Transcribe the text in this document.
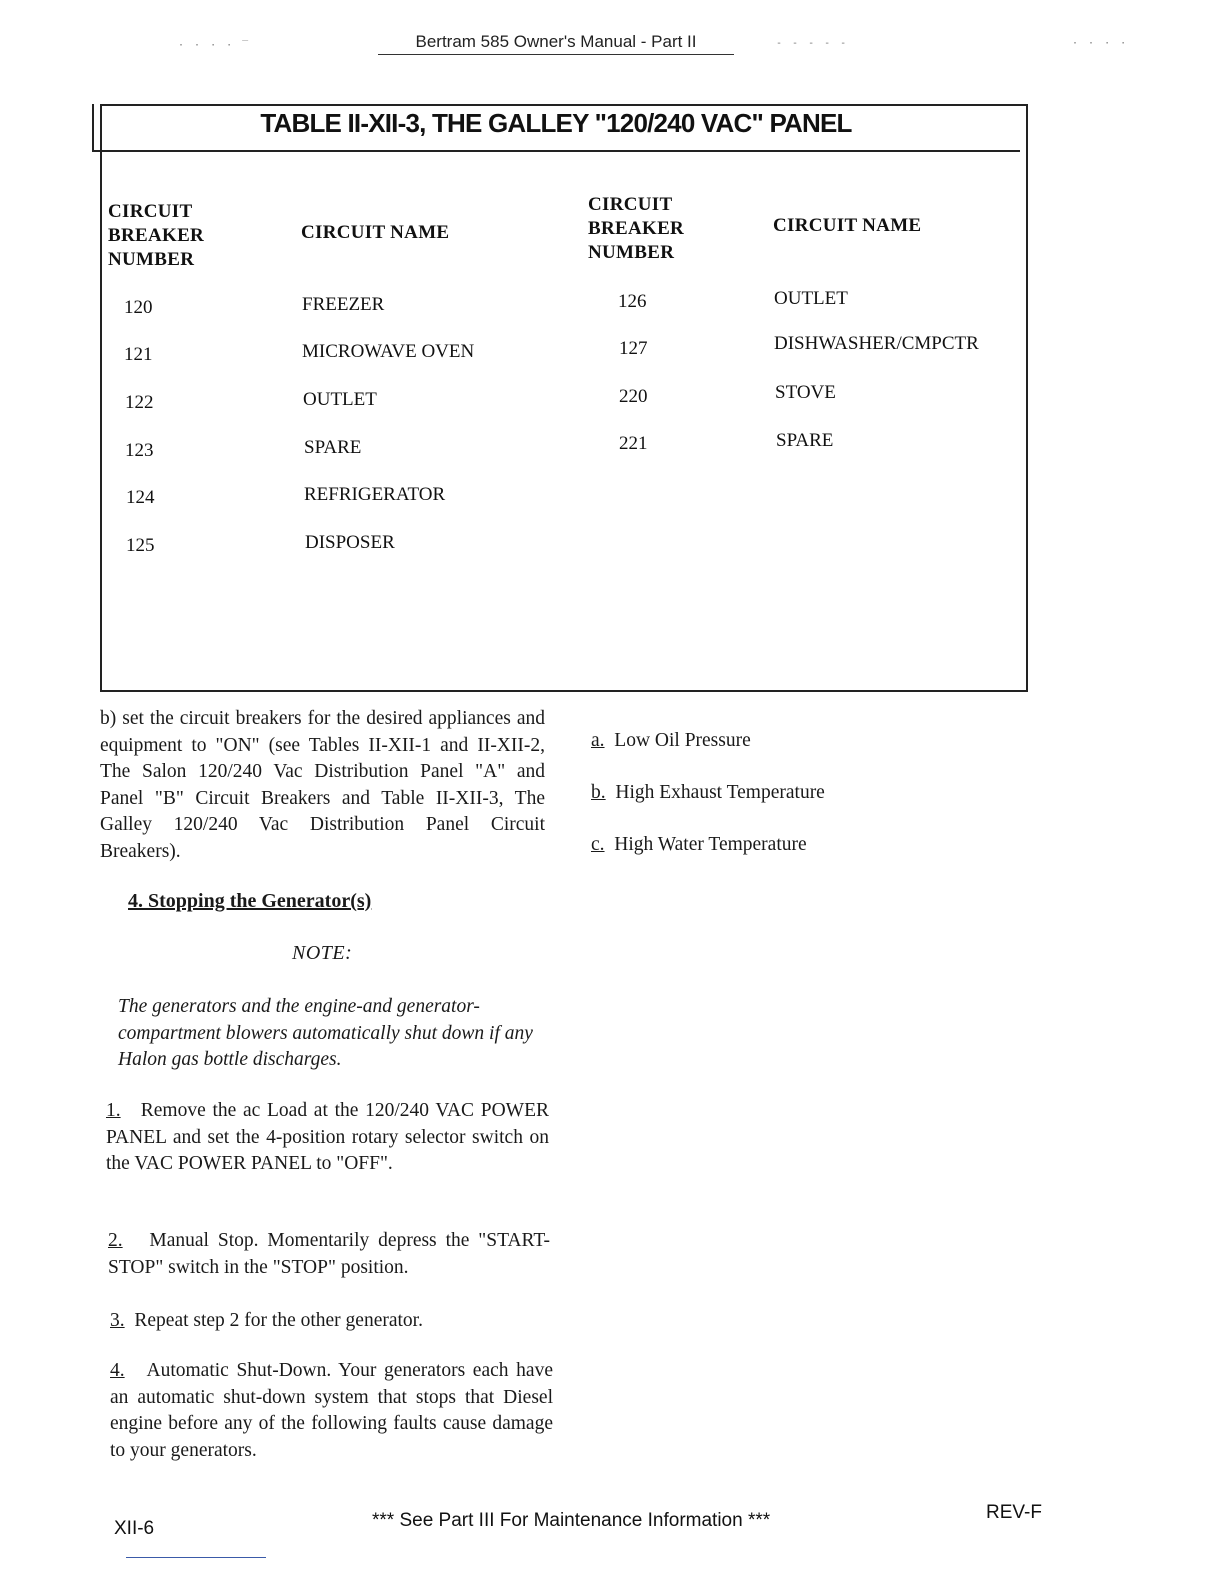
· · · · ‾	Bertram 585 Owner's Manual - Part II	- - - - -	· · · ·
TABLE II-XII-3, THE GALLEY "120/240 VAC" PANEL
CIRCUIT
BREAKER
NUMBER
CIRCUIT NAME
CIRCUIT
BREAKER
NUMBER
CIRCUIT NAME
120	FREEZER
121	MICROWAVE OVEN
122	OUTLET
123	SPARE
124	REFRIGERATOR
125	DISPOSER
126	OUTLET
127	DISHWASHER/CMPCTR
220	STOVE
221	SPARE
b) set the circuit breakers for the desired appliances and equipment to "ON" (see Tables II-XII-1 and II-XII-2, The Salon 120/240 Vac Distribution Panel "A" and Panel "B" Circuit Breakers and Table II-XII-3, The Galley 120/240 Vac Distribution Panel Circuit Breakers).
4. Stopping the Generator(s)
NOTE:
The generators and the engine-and generator-compartment blowers automatically shut down if any Halon gas bottle discharges.
1. Remove the ac Load at the 120/240 VAC POWER PANEL and set the 4-position rotary selector switch on the VAC POWER PANEL to "OFF".
2. Manual Stop. Momentarily depress the "START-STOP" switch in the "STOP" position.
3. Repeat step 2 for the other generator.
4. Automatic Shut-Down. Your generators each have an automatic shut-down system that stops that Diesel engine before any of the following faults cause damage to your generators.
a. Low Oil Pressure
b. High Exhaust Temperature
c. High Water Temperature
XII-6	*** See Part III For Maintenance Information ***	REV-F
